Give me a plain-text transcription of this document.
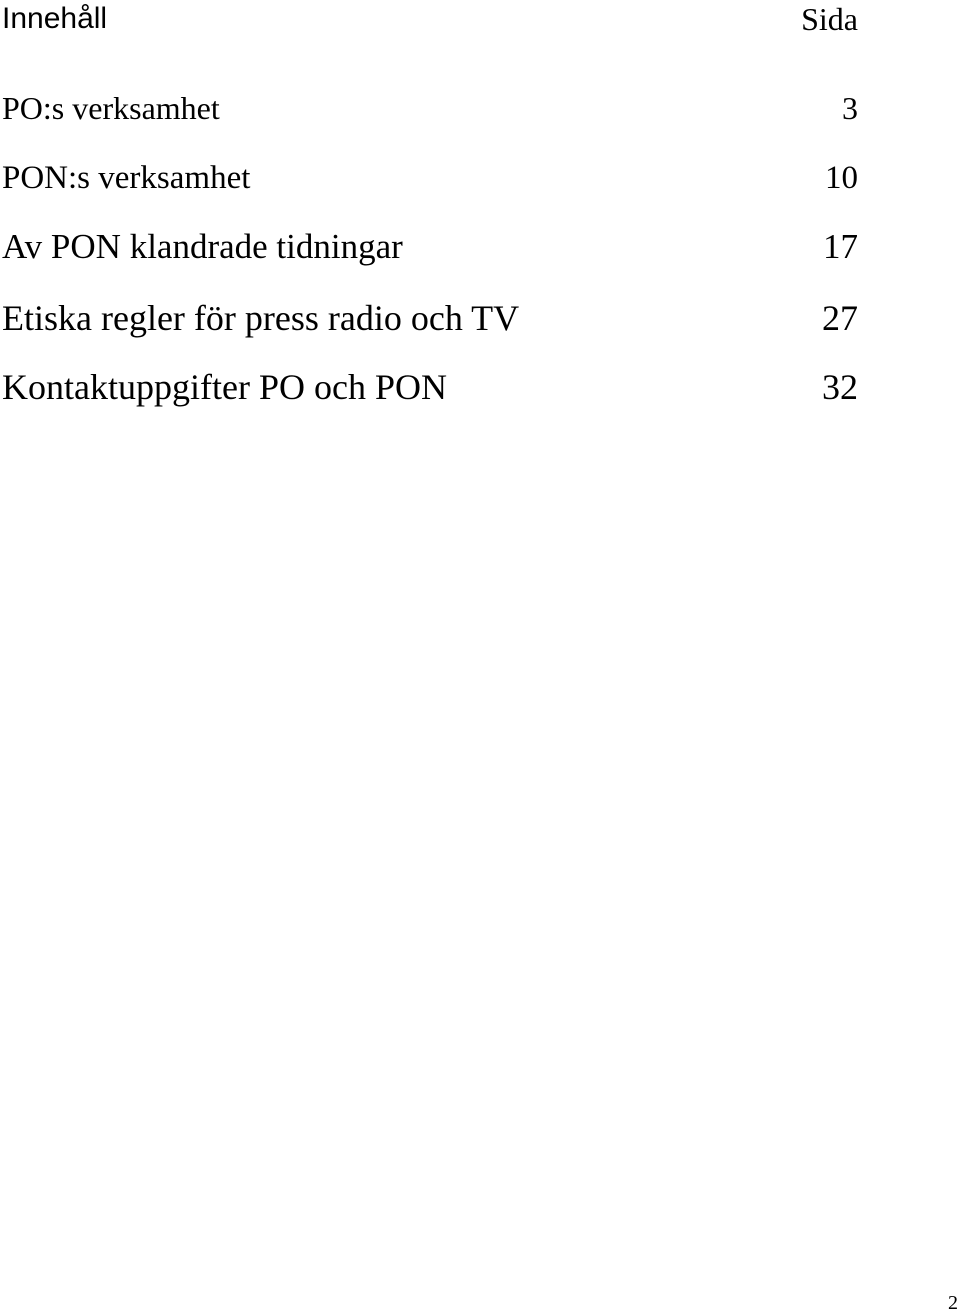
Innehåll	Sida
PO:s verksamhet	3
PON:s verksamhet	10
Av PON klandrade tidningar	17
Etiska regler för press radio och TV	27
Kontaktuppgifter PO och PON	32
2
